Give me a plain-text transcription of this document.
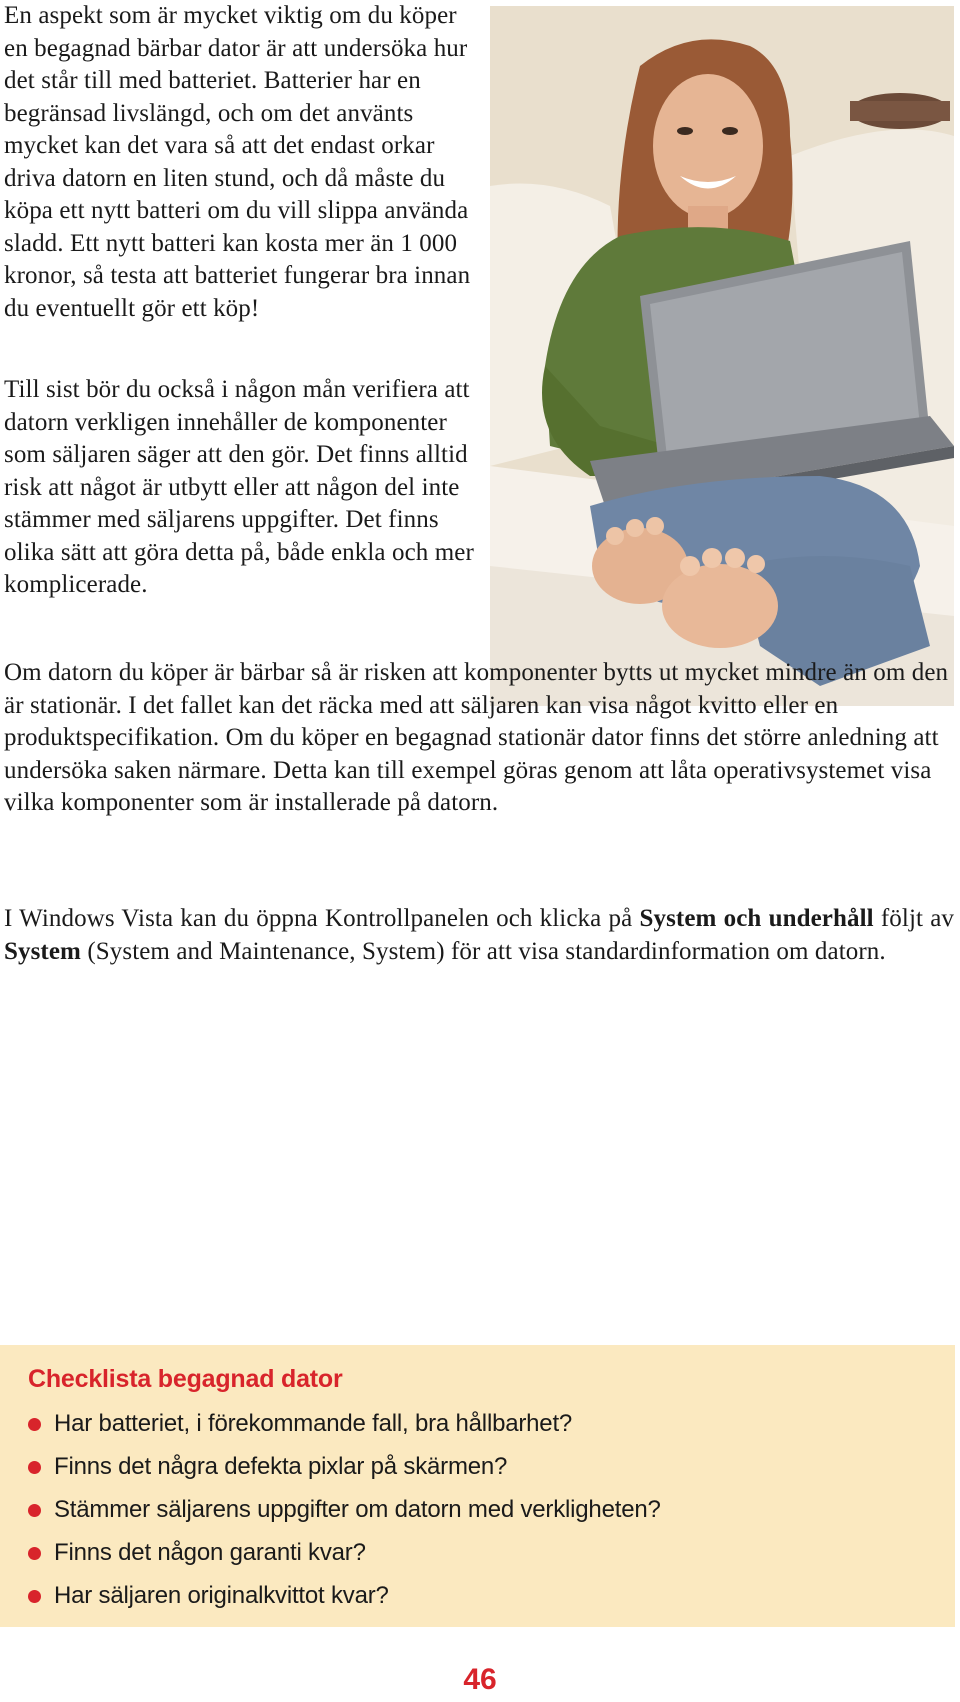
En aspekt som är mycket viktig om du köper en begagnad bärbar dator är att undersöka hur det står till med batteriet. Batterier har en begränsad livslängd, och om det använts mycket kan det vara så att det endast orkar driva datorn en liten stund, och då måste du köpa ett nytt batteri om du vill slippa använda sladd. Ett nytt batteri kan kosta mer än 1 000 kronor, så testa att batteriet fungerar bra innan du eventuellt gör ett köp!

Till sist bör du också i någon mån verifiera att datorn verkligen innehåller de komponenter som säljaren säger att den gör. Det finns alltid risk att något är utbytt eller att någon del inte stämmer med säljarens uppgifter. Det finns olika sätt att göra detta på, både enkla och mer komplicerade.

Om datorn du köper är bärbar så är risken att komponenter bytts ut mycket mindre än om den är stationär. I det fallet kan det räcka med att säljaren kan visa något kvitto eller en produktspecifikation. Om du köper en begagnad stationär dator finns det större anledning att undersöka saken närmare. Detta kan till exempel göras genom att låta operativsystemet visa vilka komponenter som är installerade på datorn.

I Windows Vista kan du öppna Kontrollpanelen och klicka på System och underhåll följt av System (System and Maintenance, System) för att visa standardinformation om datorn.

Checklista begagnad dator
Har batteriet, i förekommande fall, bra hållbarhet?
Finns det några defekta pixlar på skärmen?
Stämmer säljarens uppgifter om datorn med verkligheten?
Finns det någon garanti kvar?
Har säljaren originalkvittot kvar?

46
